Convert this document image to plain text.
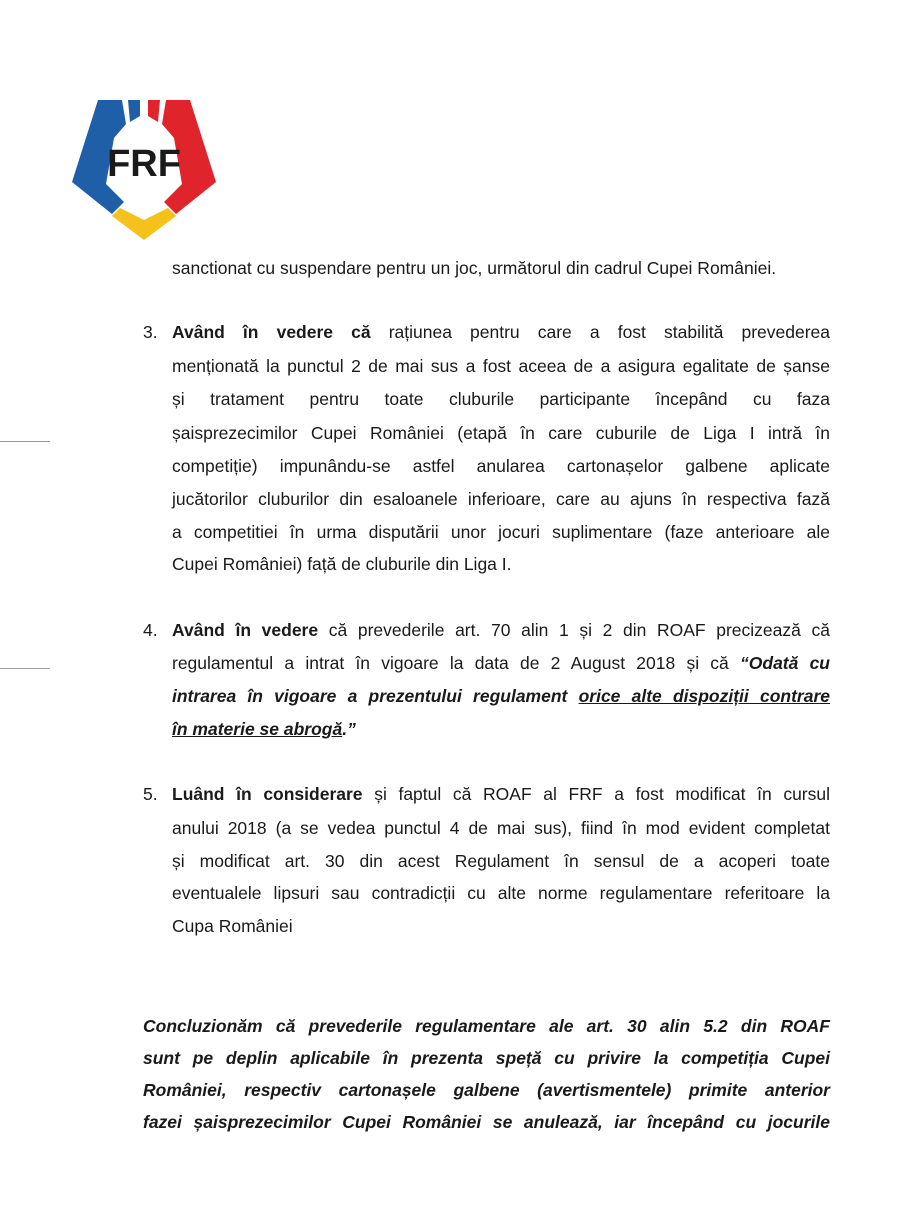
FRF

sanctionat cu suspendare pentru un joc, următorul din cadrul Cupei României.

3. Având în vedere că rațiunea pentru care a fost stabilită prevederea

menționată la punctul 2 de mai sus a fost aceea de a asigura egalitate de șanse

și tratament pentru toate cluburile participante începând cu faza

șaisprezecimilor Cupei României (etapă în care cuburile de Liga I intră în

competiție) impunându-se astfel anularea cartonașelor galbene aplicate

jucătorilor cluburilor din esaloanele inferioare, care au ajuns în respectiva fază

a competitiei în urma disputării unor jocuri suplimentare (faze anterioare ale

Cupei României) față de cluburile din Liga I.

4. Având în vedere că prevederile art. 70 alin 1 și 2 din ROAF precizează că

regulamentul a intrat în vigoare la data de 2 August 2018 și că “Odată cu

intrarea în vigoare a prezentului regulament orice alte dispoziții contrare

în materie se abrogă.”

5. Luând în considerare și faptul că ROAF al FRF a fost modificat în cursul

anului 2018 (a se vedea punctul 4 de mai sus), fiind în mod evident completat

și modificat art. 30 din acest Regulament în sensul de a acoperi toate

eventualele lipsuri sau contradicții cu alte norme regulamentare referitoare la

Cupa României

Concluzionăm că prevederile regulamentare ale art. 30 alin 5.2 din ROAF

sunt pe deplin aplicabile în prezenta speță cu privire la competiția Cupei

României, respectiv cartonașele galbene (avertismentele) primite anterior

fazei șaisprezecimilor Cupei României se anulează, iar începând cu jocurile
